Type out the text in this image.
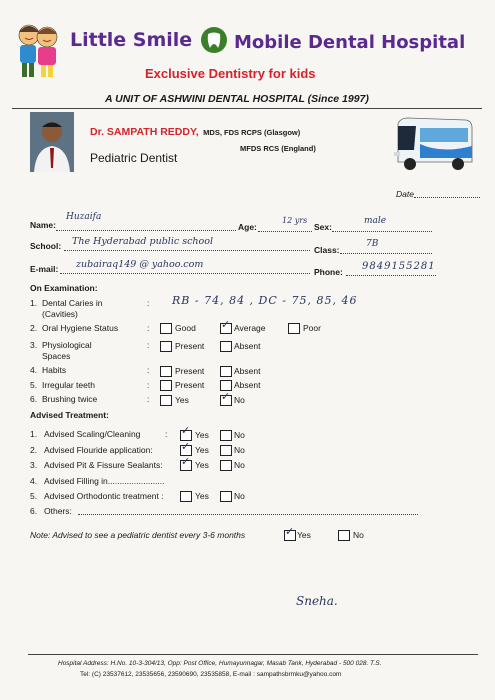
Little Smile Mobile Dental Hospital
Exclusive Dentistry for kids
A UNIT OF ASHWINI DENTAL HOSPITAL (Since 1997)
Dr. SAMPATH REDDY, MDS, FDS RCPS (Glasgow)
MFDS RCS (England)
Pediatric Dentist
Date
Name:
Huzaifa
Age:
12 yrs
Sex:
male
School: The Hyderabad public school
Class:
7B
E-mail: zubairaq149 @ yahoo.com
Phone: 9849155281
On Examination:
1. Dental Caries in
(Cavities)
: RB - 74, 84 , DC - 75, 85, 46
2. Oral Hygiene Status	:	Good ✓ Average	Poor
3. Physiological
Spaces
:	Present	Absent
4. Habits	:	Present	Absent
5. Irregular teeth	:	Present	Absent
6. Brushing twice	:	Yes	✓ No
Advised Treatment:
1. Advised Scaling/Cleaning	: ✓ Yes	No
2. Advised Flouride application:	✓ Yes	No
3. Advised Pit & Fissure Sealants: ✓ Yes	No
4. Advised Filling in........................
5. Advised Orthodontic treatment :	Yes	No
6. Others:
Note: Advised to see a pediatric dentist every 3-6 months	✓ Yes	No
Sneha.
Hospital Address: H.No. 10-3-304/13, Opp: Post Office, Humayunnagar, Masab Tank, Hyderabad - 500 028. T.S.
Tel: (C) 23537612, 23535656, 23590690, 23535858, E-mail : sampathsbrmku@yahoo.com
